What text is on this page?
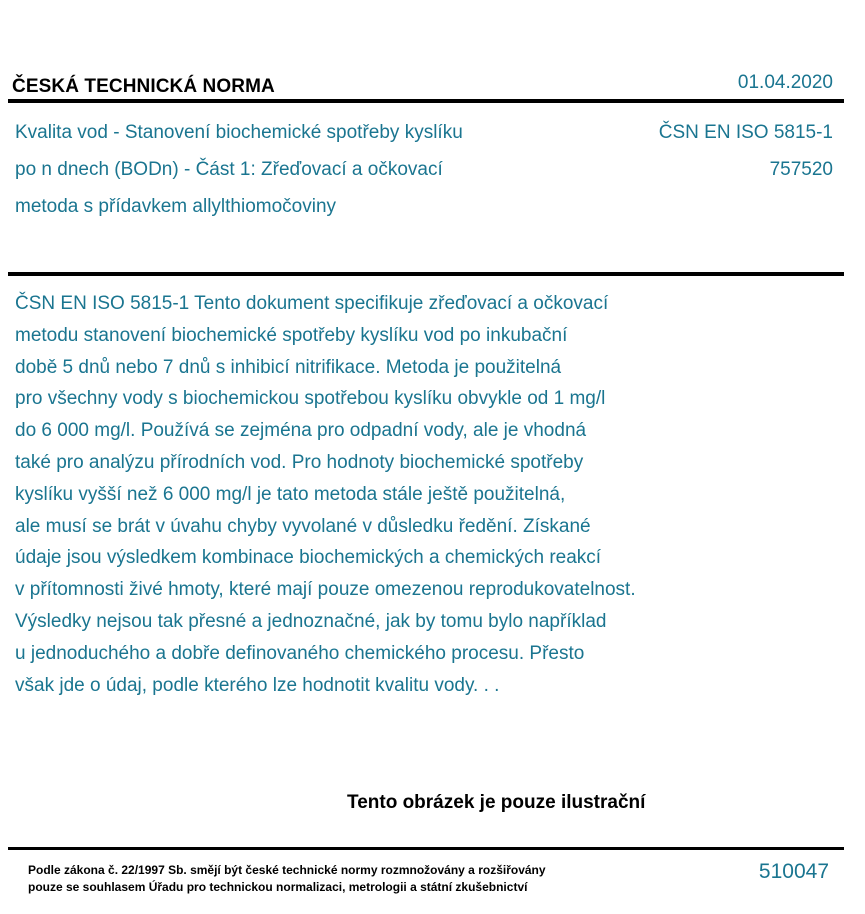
ČESKÁ TECHNICKÁ NORMA	01.04.2020
Kvalita vod - Stanovení biochemické spotřeby kyslíku
po n dnech (BODn) - Část 1: Zřeďovací a očkovací
metoda s přídavkem allylthiomočoviny
ČSN EN ISO 5815-1
757520
ČSN EN ISO 5815-1 Tento dokument specifikuje zřeďovací a očkovací
metodu stanovení biochemické spotřeby kyslíku vod po inkubační
době 5 dnů nebo 7 dnů s inhibicí nitrifikace. Metoda je použitelná
pro všechny vody s biochemickou spotřebou kyslíku obvykle od 1 mg/l
do 6 000 mg/l. Používá se zejména pro odpadní vody, ale je vhodná
také pro analýzu přírodních vod. Pro hodnoty biochemické spotřeby
kyslíku vyšší než 6 000 mg/l je tato metoda stále ještě použitelná,
ale musí se brát v úvahu chyby vyvolané v důsledku ředění. Získané
údaje jsou výsledkem kombinace biochemických a chemických reakcí
v přítomnosti živé hmoty, které mají pouze omezenou reprodukovatelnost.
Výsledky nejsou tak přesné a jednoznačné, jak by tomu bylo například
u jednoduchého a dobře definovaného chemického procesu. Přesto
však jde o údaj, podle kterého lze hodnotit kvalitu vody. . .
Tento obrázek je pouze ilustrační
Podle zákona č. 22/1997 Sb. smějí být české technické normy rozmnožovány a rozšiřovány
pouze se souhlasem Úřadu pro technickou normalizaci, metrologii a státní zkušebnictví
510047
